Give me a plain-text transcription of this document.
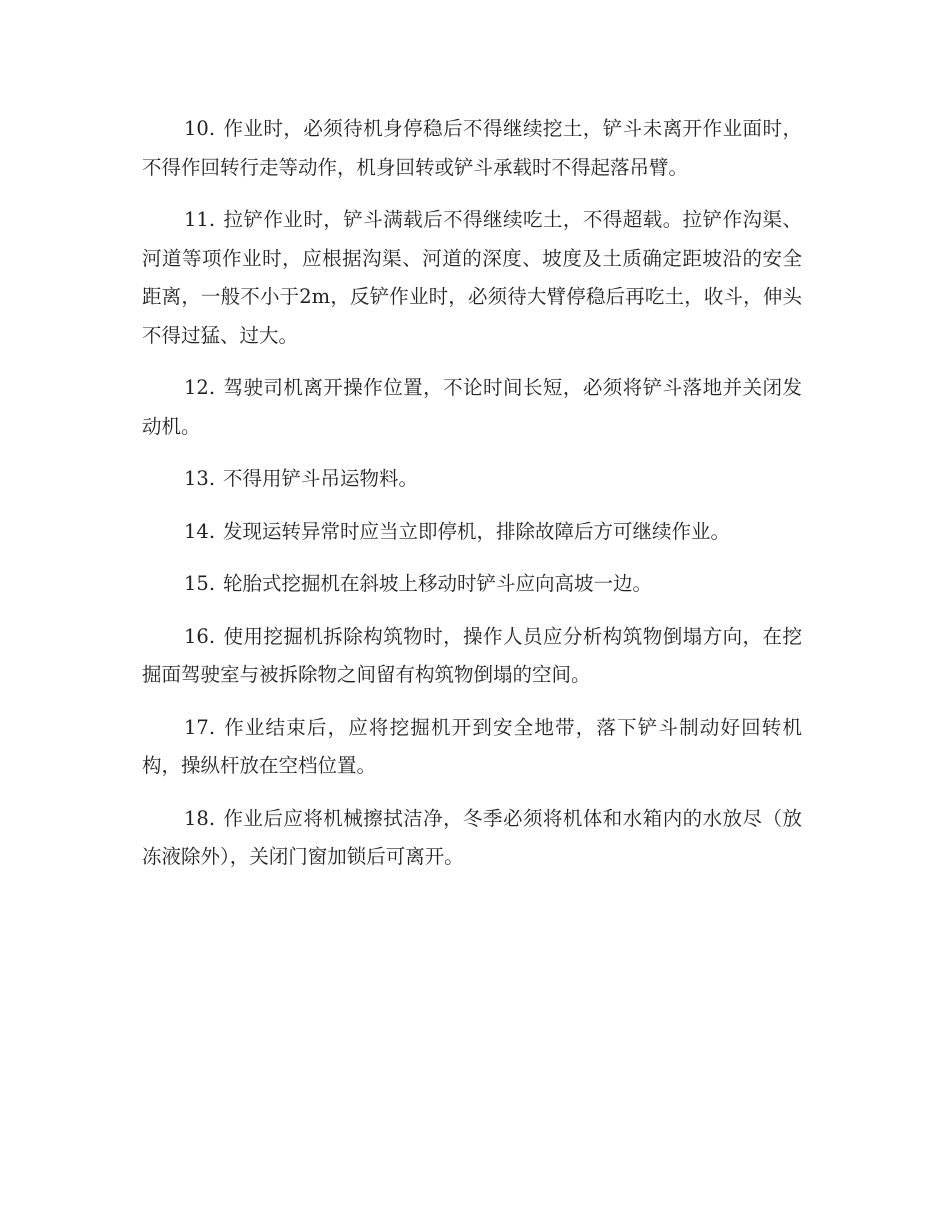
10. 作业时，必须待机身停稳后不得继续挖土，铲斗未离开作业面时，不得作回转行走等动作，机身回转或铲斗承载时不得起落吊臂。

11. 拉铲作业时，铲斗满载后不得继续吃土，不得超载。拉铲作沟渠、河道等项作业时，应根据沟渠、河道的深度、坡度及土质确定距坡沿的安全距离，一般不小于2m，反铲作业时，必须待大臂停稳后再吃土，收斗，伸头不得过猛、过大。

12. 驾驶司机离开操作位置，不论时间长短，必须将铲斗落地并关闭发动机。

13. 不得用铲斗吊运物料。

14. 发现运转异常时应当立即停机，排除故障后方可继续作业。

15. 轮胎式挖掘机在斜坡上移动时铲斗应向高坡一边。

16. 使用挖掘机拆除构筑物时，操作人员应分析构筑物倒塌方向，在挖掘面驾驶室与被拆除物之间留有构筑物倒塌的空间。

17. 作业结束后，应将挖掘机开到安全地带，落下铲斗制动好回转机构，操纵杆放在空档位置。

18. 作业后应将机械擦拭洁净，冬季必须将机体和水箱内的水放尽（放冻液除外），关闭门窗加锁后可离开。
